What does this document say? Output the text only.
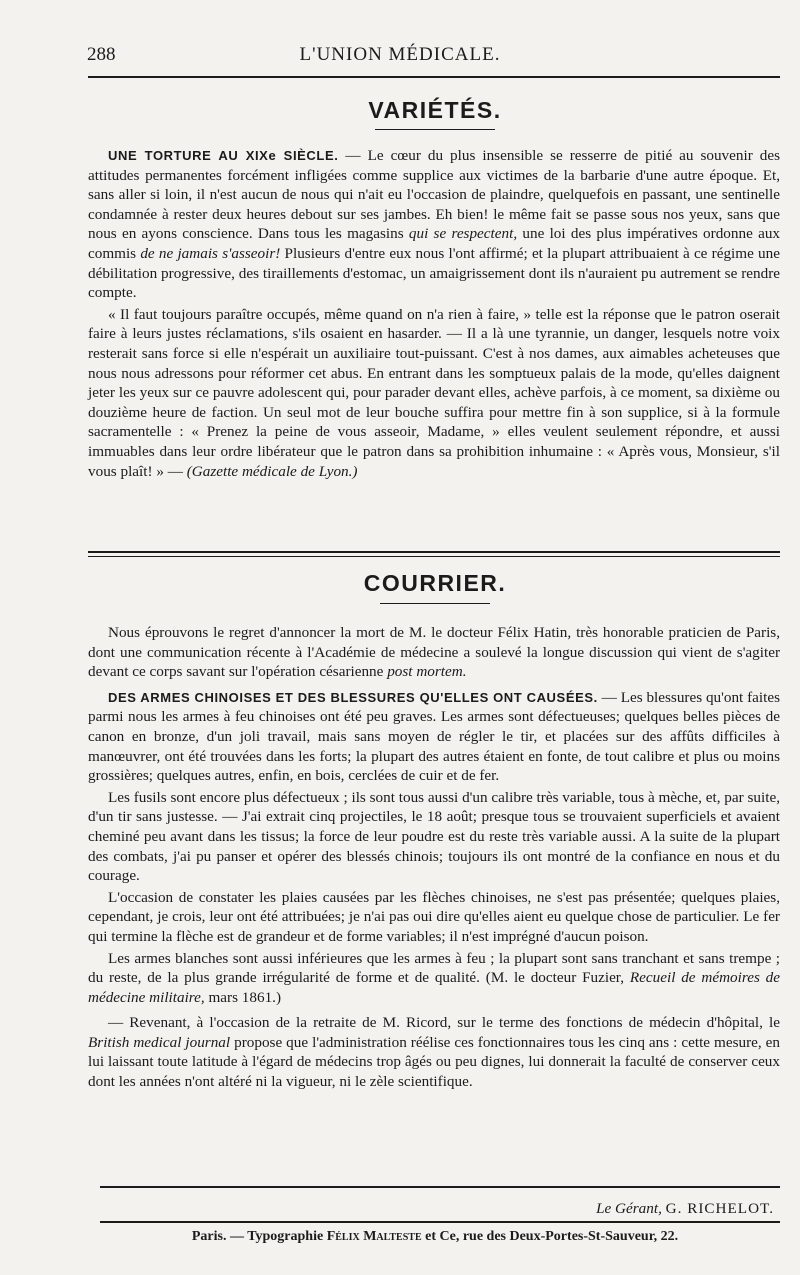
288	L'UNION MÉDICALE.
VARIÉTÉS.

UNE TORTURE AU XIXe SIÈCLE. — Le cœur du plus insensible se resserre de pitié au souvenir des attitudes permanentes forcément infligées comme supplice aux victimes de la barbarie d'une autre époque. Et, sans aller si loin, il n'est aucun de nous qui n'ait eu l'occasion de plaindre, quelquefois en passant, une sentinelle condamnée à rester deux heures debout sur ses jambes. Eh bien! le même fait se passe sous nos yeux, sans que nous en ayons conscience. Dans tous les magasins qui se respectent, une loi des plus impératives ordonne aux commis de ne jamais s'asseoir! Plusieurs d'entre eux nous l'ont affirmé; et la plupart attribuaient à ce régime une débilitation progressive, des tiraillements d'estomac, un amaigrissement dont ils n'auraient pu autrement se rendre compte.

« Il faut toujours paraître occupés, même quand on n'a rien à faire, » telle est la réponse que le patron oserait faire à leurs justes réclamations, s'ils osaient en hasarder. — Il a là une tyrannie, un danger, lesquels notre voix resterait sans force si elle n'espérait un auxiliaire tout-puissant. C'est à nos dames, aux aimables acheteuses que nous nous adressons pour réformer cet abus. En entrant dans les somptueux palais de la mode, qu'elles daignent jeter les yeux sur ce pauvre adolescent qui, pour parader devant elles, achève parfois, à ce moment, sa dixième ou douzième heure de faction. Un seul mot de leur bouche suffira pour mettre fin à son supplice, si à la formule sacramentelle : « Prenez la peine de vous asseoir, Madame, » elles veulent seulement répondre, et aussi immuables dans leur ordre libérateur que le patron dans sa prohibition inhumaine : « Après vous, Monsieur, s'il vous plaît! » — (Gazette médicale de Lyon.)

COURRIER.

Nous éprouvons le regret d'annoncer la mort de M. le docteur Félix Hatin, très honorable praticien de Paris, dont une communication récente à l'Académie de médecine a soulevé la longue discussion qui vient de s'agiter devant ce corps savant sur l'opération césarienne post mortem.

DES ARMES CHINOISES ET DES BLESSURES QU'ELLES ONT CAUSÉES. — Les blessures qu'ont faites parmi nous les armes à feu chinoises ont été peu graves. Les armes sont défectueuses; quelques belles pièces de canon en bronze, d'un joli travail, mais sans moyen de régler le tir, et placées sur des affûts difficiles à manœuvrer, ont été trouvées dans les forts; la plupart des autres étaient en fonte, de tout calibre et plus ou moins grossières; quelques autres, enfin, en bois, cerclées de cuir et de fer.

Les fusils sont encore plus défectueux ; ils sont tous aussi d'un calibre très variable, tous à mèche, et, par suite, d'un tir sans justesse. — J'ai extrait cinq projectiles, le 18 août; presque tous se trouvaient superficiels et avaient cheminé peu avant dans les tissus; la force de leur poudre est du reste très variable aussi. A la suite de la plupart des combats, j'ai pu panser et opérer des blessés chinois; toujours ils ont montré de la confiance en nous et du courage.

L'occasion de constater les plaies causées par les flèches chinoises, ne s'est pas présentée; quelques plaies, cependant, je crois, leur ont été attribuées; je n'ai pas oui dire qu'elles aient eu quelque chose de particulier. Le fer qui termine la flèche est de grandeur et de forme variables; il n'est imprégné d'aucun poison.

Les armes blanches sont aussi inférieures que les armes à feu ; la plupart sont sans tranchant et sans trempe ; du reste, de la plus grande irrégularité de forme et de qualité. (M. le docteur Fuzier, Recueil de mémoires de médecine militaire, mars 1861.)

— Revenant, à l'occasion de la retraite de M. Ricord, sur le terme des fonctions de médecin d'hôpital, le British medical journal propose que l'administration réélise ces fonctionnaires tous les cinq ans : cette mesure, en lui laissant toute latitude à l'égard de médecins trop âgés ou peu dignes, lui donnerait la faculté de conserver ceux dont les années n'ont altéré ni la vigueur, ni le zèle scientifique.

Le Gérant, G. RICHELOT.
Paris. — Typographie Félix Malteste et Ce, rue des Deux-Portes-St-Sauveur, 22.
